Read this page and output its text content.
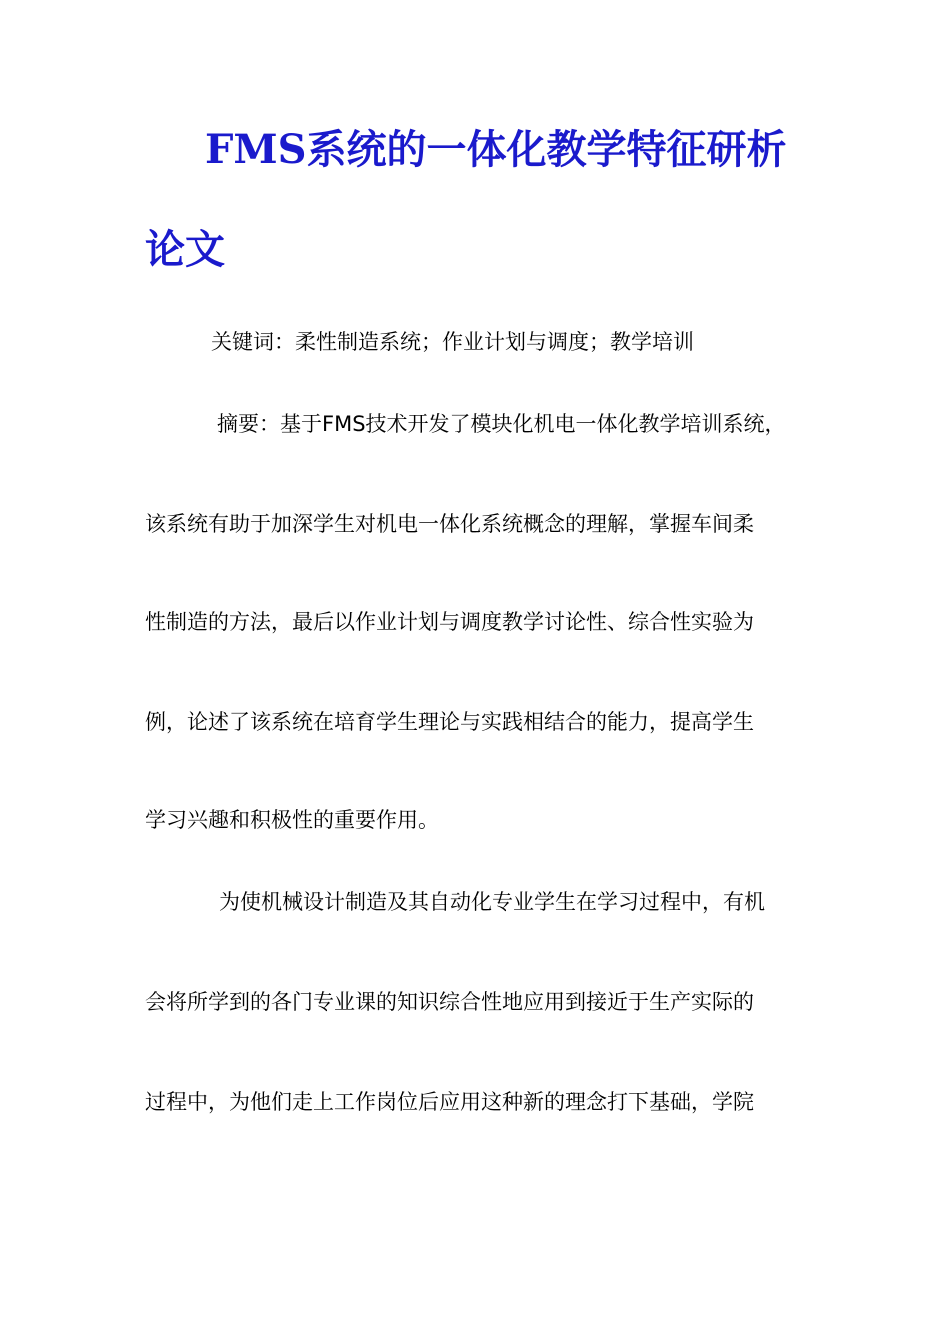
FMS系统的一体化教学特征研析
论文
关键词：柔性制造系统；作业计划与调度；教学培训
摘要：基于FMS技术开发了模块化机电一体化教学培训系统，
该系统有助于加深学生对机电一体化系统概念的理解，掌握车间柔
性制造的方法，最后以作业计划与调度教学讨论性、综合性实验为
例，论述了该系统在培育学生理论与实践相结合的能力，提高学生
学习兴趣和积极性的重要作用。
为使机械设计制造及其自动化专业学生在学习过程中，有机
会将所学到的各门专业课的知识综合性地应用到接近于生产实际的
过程中，为他们走上工作岗位后应用这种新的理念打下基础，学院
